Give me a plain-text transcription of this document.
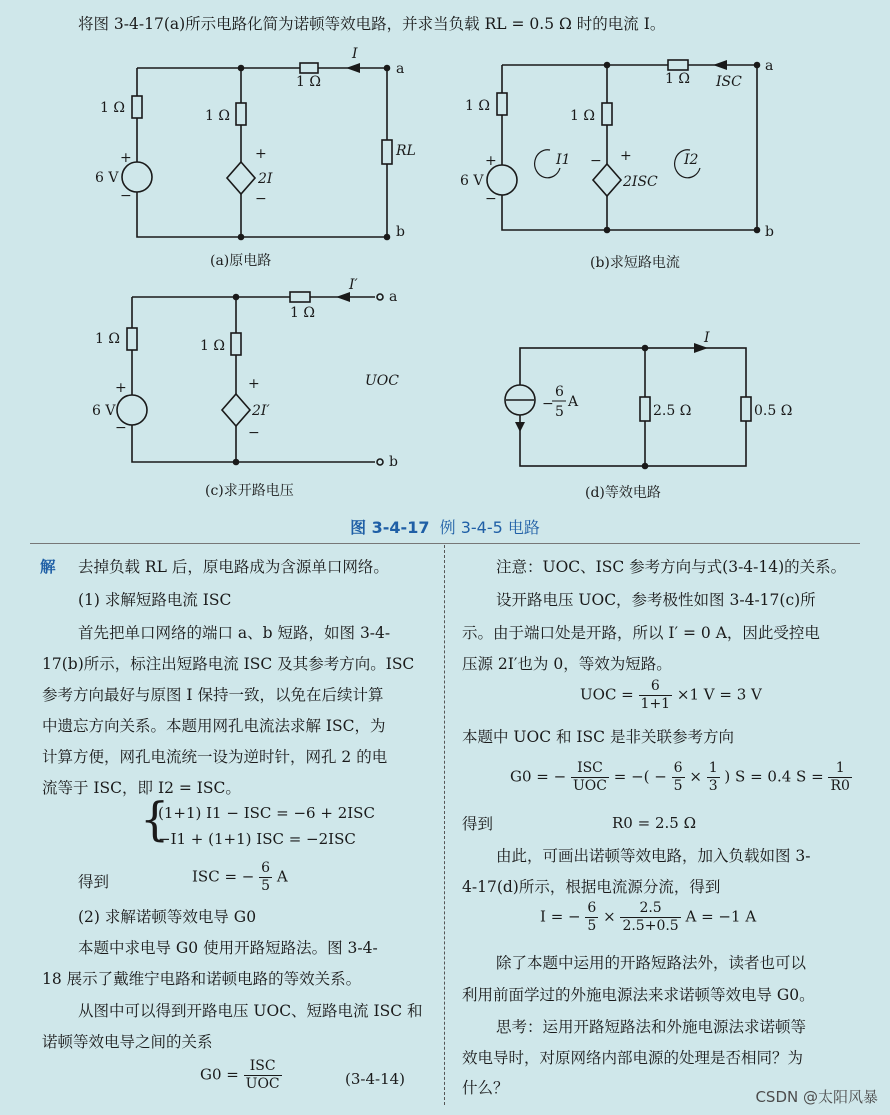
将图 3-4-17(a)所示电路化简为诺顿等效电路，并求当负载 RL = 0.5 Ω 时的电流 I。
1 Ω	1 Ω
1 Ω
6 V
+
−
+
−
2I
I
RL
a
b
(a)原电路
1 Ω
1 Ω
1 Ω
6 V
+
−
+
−
2ISC
ISC
I1	I2
a
b
(b)求短路电流
1 Ω	1 Ω
1 Ω
6 V
+
−
+
−
2I′
I′
UOC
a
b
(c)求开路电压
I
−
6
5
A
2.5 Ω	0.5 Ω
(d)等效电路
图 3-4-17 例 3-4-5 电路
解 去掉负载 RL 后，原电路成为含源单口网络。
(1) 求解短路电流 ISC
首先把单口网络的端口 a、b 短路，如图 3-4-
17(b)所示，标注出短路电流 ISC 及其参考方向。ISC
参考方向最好与原图 I 保持一致，以免在后续计算
中遗忘方向关系。本题用网孔电流法求解 ISC，为
计算方便，网孔电流统一设为逆时针，网孔 2 的电
流等于 ISC，即 I2 = ISC。
{
(1+1) I1 − ISC = −6 + 2ISC
−I1 + (1+1) ISC = −2ISC
得到	ISC = − $\frac{6}{5}$ A
(2) 求解诺顿等效电导 G0
本题中求电导 G0 使用开路短路法。图 3-4-
18 展示了戴维宁电路和诺顿电路的等效关系。
从图中可以得到开路电压 UOC、短路电流 ISC 和
诺顿等效电导之间的关系
$G0 = \frac{\text{ISC}}{\text{UOC}}$	(3-4-14)
注意：UOC、ISC 参考方向与式(3-4-14)的关系。
设开路电压 UOC，参考极性如图 3-4-17(c)所
示。由于端口处是开路，所以 I′ = 0 A，因此受控电
压源 2I′也为 0，等效为短路。
UOC = $\frac{6}{1+1} \times 1$ V = 3 V
本题中 UOC 和 ISC 是非关联参考方向
G0 = − $\frac{\text{ISC}}{\text{UOC}}$ = −( − $\frac{6}{5} \times \frac{1}{3}$ ) S = 0.4 $S = \frac{1}{R0}$
得到	R0 = 2.5 Ω
由此，可画出诺顿等效电路，加入负载如图 3-
4-17(d)所示，根据电流源分流，得到
I = − $\frac{6}{5} \times \frac{2.5}{2.5+0.5}$ A = −1 A
除了本题中运用的开路短路法外，读者也可以
利用前面学过的外施电源法来求诺顿等效电导 G0。
思考：运用开路短路法和外施电源法求诺顿等
效电导时，对原网络内部电源的处理是否相同？为
什么？	CSDN @太阳风暴
